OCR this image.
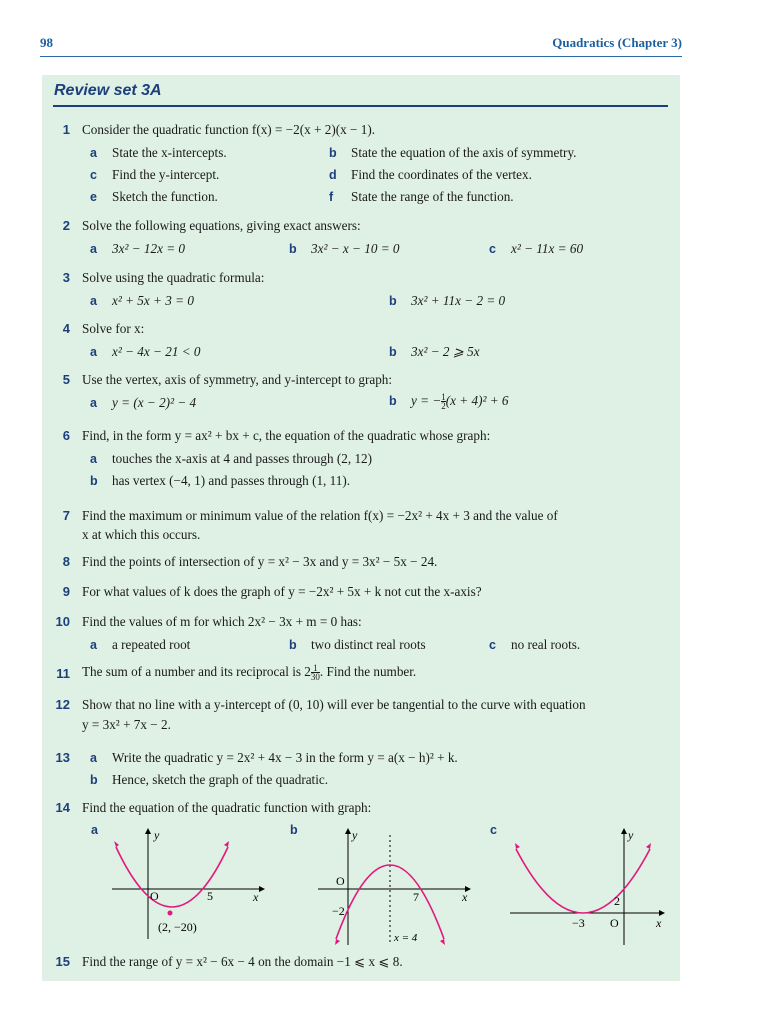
98	Quadratics (Chapter 3)
Review set 3A
1 Consider the quadratic function f(x) = −2(x + 2)(x − 1).
a State the x-intercepts.	b State the equation of the axis of symmetry.
c Find the y-intercept.	d Find the coordinates of the vertex.
e Sketch the function.	f State the range of the function.
2 Solve the following equations, giving exact answers:
a 3x² − 12x = 0	b 3x² − x − 10 = 0	c x² − 11x = 60
3 Solve using the quadratic formula:
a x² + 5x + 3 = 0	b 3x² + 11x − 2 = 0
4 Solve for x:
a x² − 4x − 21 < 0	b 3x² − 2 ⩾ 5x
5 Use the vertex, axis of symmetry, and y-intercept to graph:
a y = (x − 2)² − 4	b y = − $\frac{1}{2} (x + 4)^2 + 6$
6 Find, in the form y = ax² + bx + c, the equation of the quadratic whose graph:
a touches the x-axis at 4 and passes through (2, 12)
b has vertex (−4, 1) and passes through (1, 11).
7 Find the maximum or minimum value of the relation f(x) = −2x² + 4x + 3 and the value of
x at which this occurs.
8 Find the points of intersection of y = x² − 3x and y = 3x² − 5x − 24.
9 For what values of k does the graph of y = −2x² + 5x + k not cut the x-axis?
10 Find the values of m for which 2x² − 3x + m = 0 has:
a a repeated root	b two distinct real roots	c no real roots.
11 The sum of a number and its reciprocal is $2 \frac{1}{30}$ . Find the number.
12 Show that no line with a y-intercept of (0, 10) will ever be tangential to the curve with equation
y = 3x² + 7x − 2.
13 a Write the quadratic y = 2x² + 4x − 3 in the form y = a(x − h)² + k.
b Hence, sketch the graph of the quadratic.
14 Find the equation of the quadratic function with graph:
a	b	c
y
x
O	5
(2, −20)
y
x
O
−2
7
x = 4
y
x
O
−3
2
15 Find the range of y = x² − 6x − 4 on the domain −1 ⩽ x ⩽ 8.
